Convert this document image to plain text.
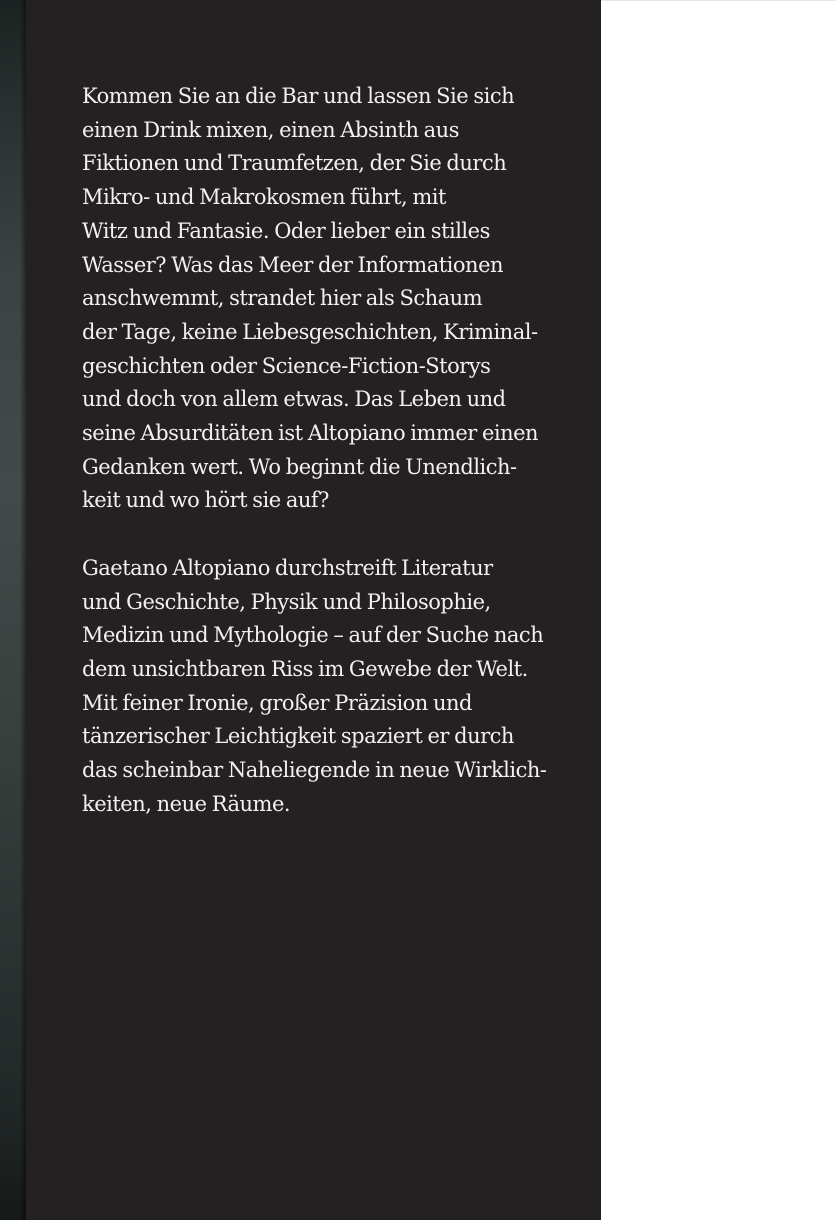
Kommen Sie an die Bar und lassen Sie sich
einen Drink mixen, einen Absinth aus
Fiktionen und Traumfetzen, der Sie durch
Mikro- und Makrokosmen führt, mit
Witz und Fantasie. Oder lieber ein stilles
Wasser? Was das Meer der Informationen
anschwemmt, strandet hier als Schaum
der Tage, keine Liebesgeschichten, Kriminal-
geschichten oder Science-Fiction-Storys
und doch von allem etwas. Das Leben und
seine Absurditäten ist Altopiano immer einen
Gedanken wert. Wo beginnt die Unendlich-
keit und wo hört sie auf?

Gaetano Altopiano durchstreift Literatur
und Geschichte, Physik und Philosophie,
Medizin und Mythologie – auf der Suche nach
dem unsichtbaren Riss im Gewebe der Welt.
Mit feiner Ironie, großer Präzision und
tänzerischer Leichtigkeit spaziert er durch
das scheinbar Naheliegende in neue Wirklich-
keiten, neue Räume.
